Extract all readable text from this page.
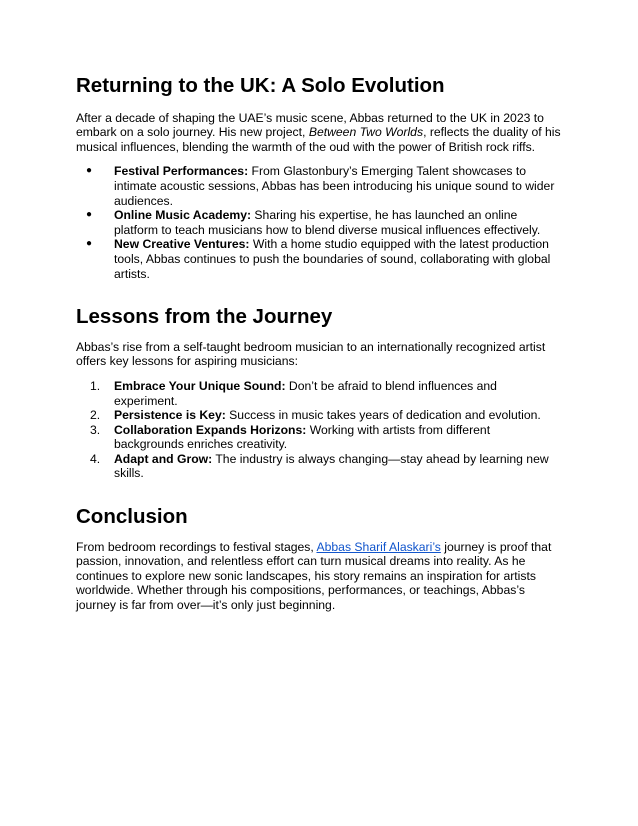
Returning to the UK: A Solo Evolution

After a decade of shaping the UAE’s music scene, Abbas returned to the UK in 2023 to embark on a solo journey. His new project, Between Two Worlds, reflects the duality of his musical influences, blending the warmth of the oud with the power of British rock riffs.

● Festival Performances: From Glastonbury’s Emerging Talent showcases to intimate acoustic sessions, Abbas has been introducing his unique sound to wider audiences.
● Online Music Academy: Sharing his expertise, he has launched an online platform to teach musicians how to blend diverse musical influences effectively.
● New Creative Ventures: With a home studio equipped with the latest production tools, Abbas continues to push the boundaries of sound, collaborating with global artists.
Lessons from the Journey

Abbas’s rise from a self-taught bedroom musician to an internationally recognized artist offers key lessons for aspiring musicians:

1. Embrace Your Unique Sound: Don’t be afraid to blend influences and experiment.
2. Persistence is Key: Success in music takes years of dedication and evolution.
3. Collaboration Expands Horizons: Working with artists from different backgrounds enriches creativity.
4. Adapt and Grow: The industry is always changing—stay ahead by learning new skills.
Conclusion

From bedroom recordings to festival stages, Abbas Sharif Alaskari’s journey is proof that passion, innovation, and relentless effort can turn musical dreams into reality. As he continues to explore new sonic landscapes, his story remains an inspiration for artists worldwide. Whether through his compositions, performances, or teachings, Abbas’s journey is far from over—it’s only just beginning.
